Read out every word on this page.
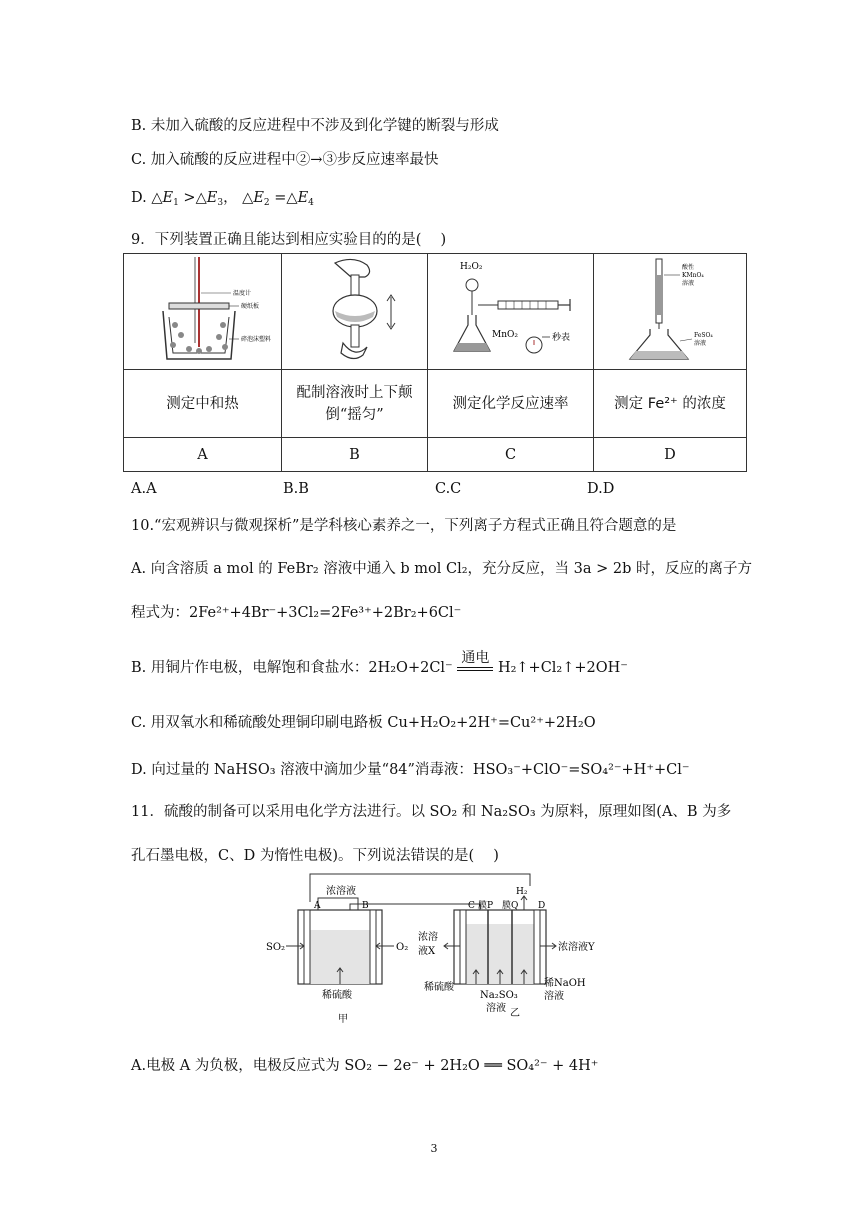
B. 未加入硫酸的反应进程中不涉及到化学键的断裂与形成
C. 加入硫酸的反应进程中②→③步反应速率最快
D. $\triangle E_1$ $>\triangle E_3$， $\triangle E_2$ $=\triangle E_4$
9．下列装置正确且能达到相应实验目的的是(　 )
温度计
硬纸板
碎泡沫塑料		H₂O₂
MnO₂ 秒表	酸性
KMnO₄
溶液
FeSO₄
溶液

测定中和热	配制溶液时上下颠
倒“摇匀”	测定化学反应速率	测定 Fe²⁺ 的浓度
A	B	C	D
A.A	B.B	C.C	D.D
10.“宏观辨识与微观探析”是学科核心素养之一，下列离子方程式正确且符合题意的是
A. 向含溶质 a mol 的 FeBr₂ 溶液中通入 b mol Cl₂，充分反应，当 3a > 2b 时，反应的离子方
程式为：2Fe²⁺+4Br⁻+3Cl₂=2Fe³⁺+2Br₂+6Cl⁻
B. 用铜片作电极，电解饱和食盐水：2H₂O+2Cl⁻
通电
H₂↑+Cl₂↑+2OH⁻
C. 用双氧水和稀硫酸处理铜印刷电路板 Cu+H₂O₂+2H⁺=Cu²⁺+2H₂O
D. 向过量的 NaHSO₃ 溶液中滴加少量“84”消毒液：HSO₃⁻+ClO⁻=SO₄²⁻+H⁺+Cl⁻
11．硫酸的制备可以采用电化学方法进行。以 SO₂ 和 Na₂SO₃ 为原料，原理如图(A、B 为多
孔石墨电极，C、D 为惰性电极)。下列说法错误的是(　 )
浓溶液
A	B
SO₂	O₂
稀硫酸
甲
C 膜P 膜Q D
H₂
浓溶
液X	浓溶液Y
稀硫酸
Na₂SO₃
溶液
稀NaOH
溶液
乙
A.电极 A 为负极，电极反应式为 SO₂ − 2e⁻ + 2H₂O ══ SO₄²⁻ + 4H⁺
3
